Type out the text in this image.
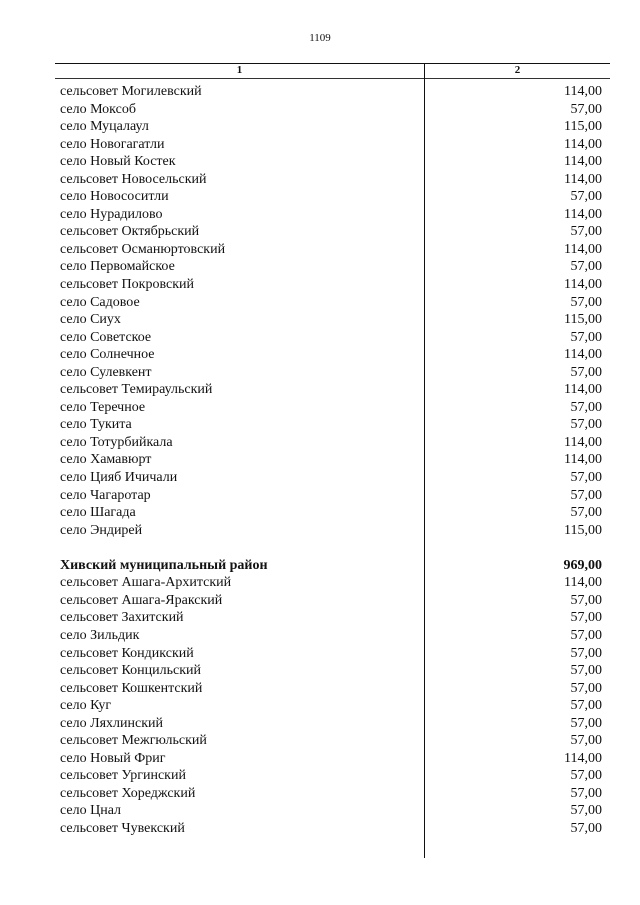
1109
1	2
сельсовет Могилевский	114,00
село Моксоб	57,00
село Муцалаул	115,00
село Новогагатли	114,00
село Новый Костек	114,00
сельсовет Новосельский	114,00
село Новососитли	57,00
село Нурадилово	114,00
сельсовет Октябрьский	57,00
сельсовет Османюртовский	114,00
село Первомайское	57,00
сельсовет Покровский	114,00
село Садовое	57,00
село Сиух	115,00
село Советское	57,00
село Солнечное	114,00
село Сулевкент	57,00
сельсовет Темираульский	114,00
село Теречное	57,00
село Тукита	57,00
село Тотурбийкала	114,00
село Хамавюрт	114,00
село Цияб Ичичали	57,00
село Чагаротар	57,00
село Шагада	57,00
село Эндирей	115,00
Хивский муниципальный район	969,00
сельсовет Ашага-Архитский	114,00
сельсовет Ашага-Яракский	57,00
сельсовет Захитский	57,00
село Зильдик	57,00
сельсовет Кондикский	57,00
сельсовет Концильский	57,00
сельсовет Кошкентский	57,00
село Куг	57,00
село Ляхлинский	57,00
сельсовет Межгюльский	57,00
село Новый Фриг	114,00
сельсовет Ургинский	57,00
сельсовет Хореджский	57,00
село Цнал	57,00
сельсовет Чувекский	57,00
